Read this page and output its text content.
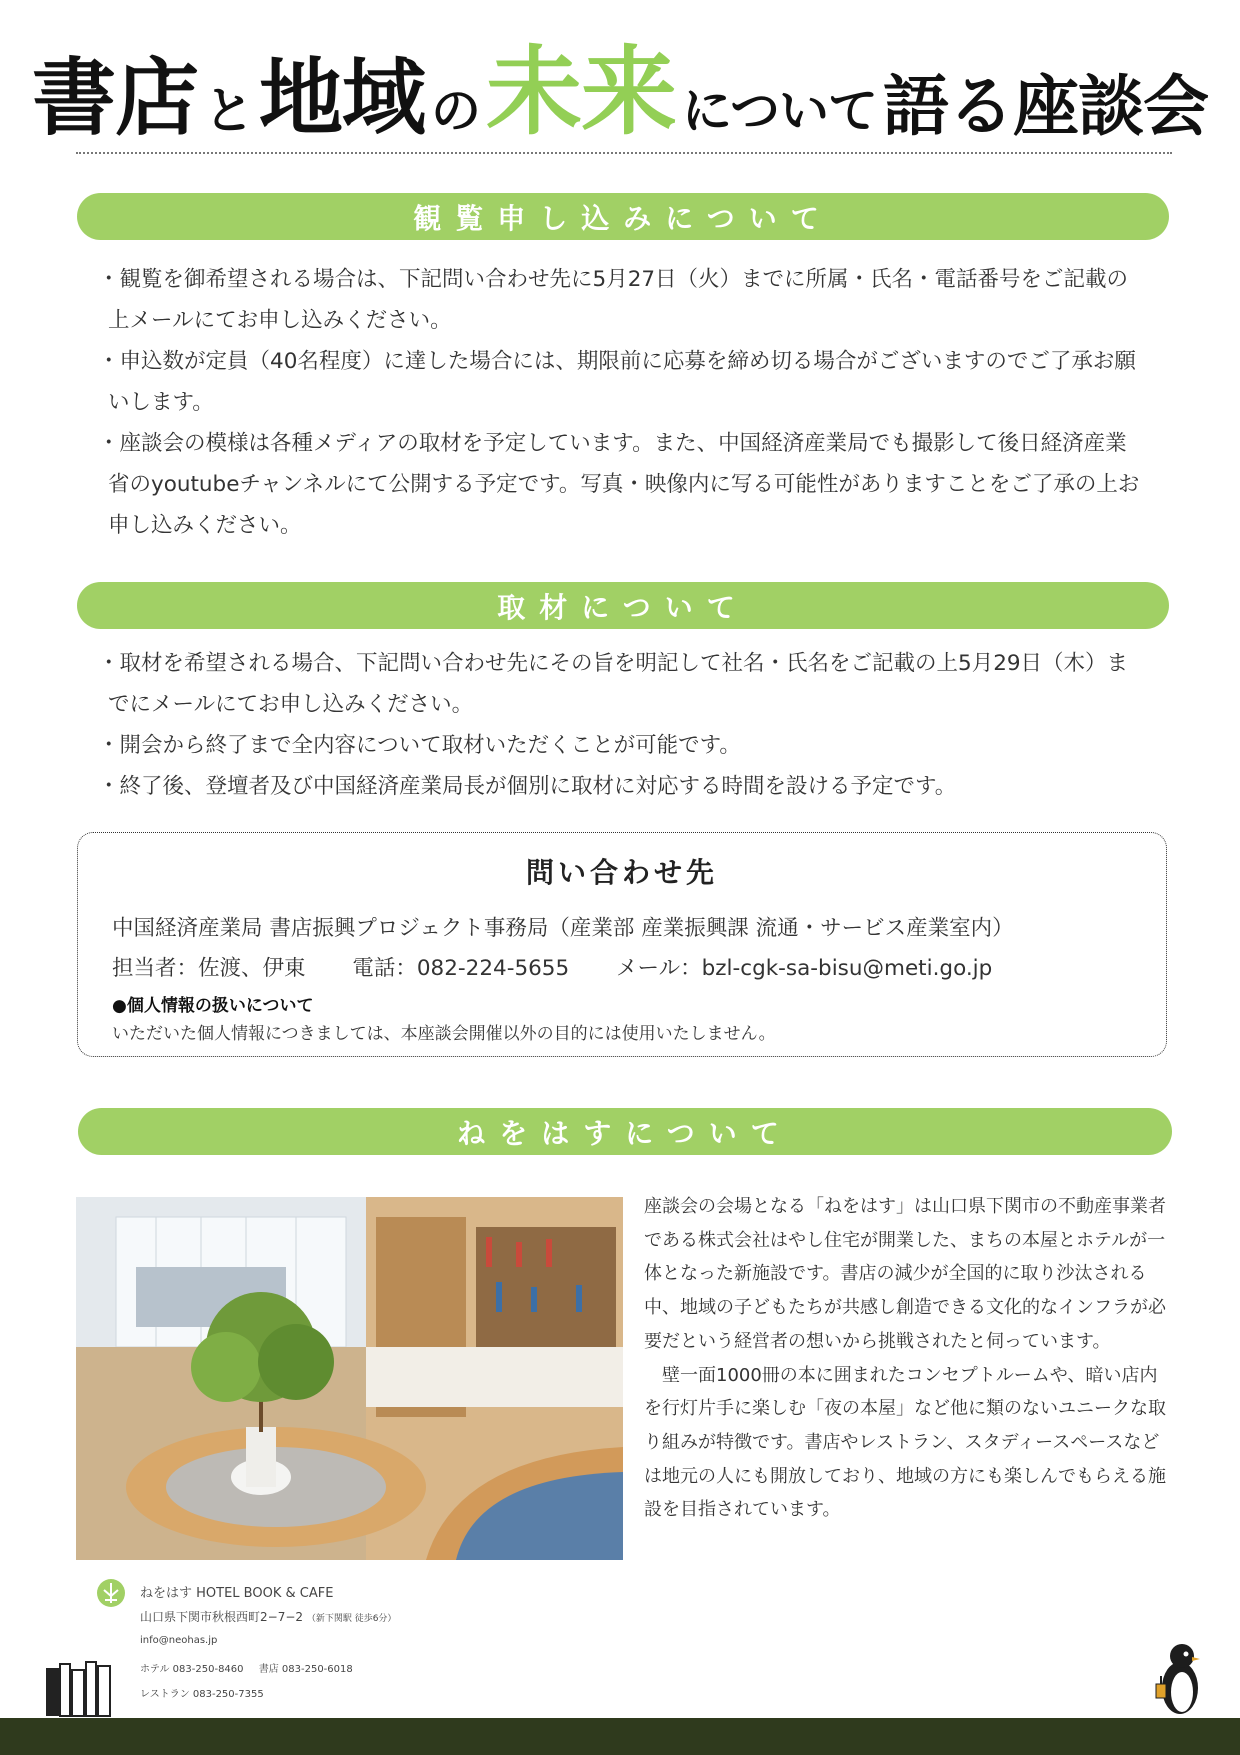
書店 と 地域 の 未来 について 語る座談会
観覧申し込みについて
・ 観覧を御希望される場合は、下記問い合わせ先に5月27日（火）までに所属・氏名・電話番号をご記載の上メールにてお申し込みください。
・ 申込数が定員（40名程度）に達した場合には、期限前に応募を締め切る場合がございますのでご了承お願いします。
・ 座談会の模様は各種メディアの取材を予定しています。また、中国経済産業局でも撮影して後日経済産業省のyoutubeチャンネルにて公開する予定です。写真・映像内に写る可能性がありますことをご了承の上お申し込みください。
取材について
・ 取材を希望される場合、下記問い合わせ先にその旨を明記して社名・氏名をご記載の上5月29日（木）までにメールにてお申し込みください。
・ 開会から終了まで全内容について取材いただくことが可能です。
・ 終了後、登壇者及び中国経済産業局長が個別に取材に対応する時間を設ける予定です。
問い合わせ先
中国経済産業局 書店振興プロジェクト事務局（産業部 産業振興課 流通・サービス産業室内）
担当者：佐渡、伊東 電話：082-224-5655 メール：bzl-cgk-sa-bisu@meti.go.jp
●個人情報の扱いについて
いただいた個人情報につきましては、本座談会開催以外の目的には使用いたしません。
ねをはすについて

座談会の会場となる「ねをはす」は山口県下関市の不動産事業者である株式会社はやし住宅が開業した、まちの本屋とホテルが一体となった新施設です。書店の減少が全国的に取り沙汰される中、地域の子どもたちが共感し創造できる文化的なインフラが必要だという経営者の想いから挑戦されたと伺っています。

壁一面1000冊の本に囲まれたコンセプトルームや、暗い店内を行灯片手に楽しむ「夜の本屋」など他に類のないユニークな取り組みが特徴です。書店やレストラン、スタディースペースなどは地元の人にも開放しており、地域の方にも楽しんでもらえる施設を目指されています。

ねをはす HOTEL BOOK & CAFE
山口県下関市秋根西町2−7−2 （新下関駅 徒歩6分）
info@neohas.jp
ホテル 083-250-8460 書店 083-250-6018
レストラン 083-250-7355
